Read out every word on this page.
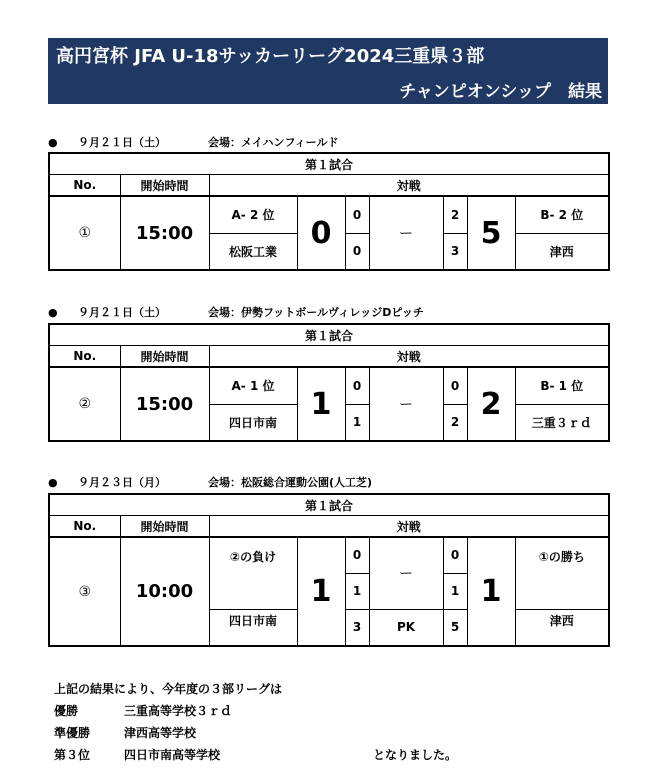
高円宮杯 JFA U-18サッカーリーグ2024三重県３部
チャンピオンシップ　結果
● ９月２１日（土）	会場：メイハンフィールド
第１試合								
No.	開始時間	対戦						
①	15:00	A- 2 位	0	0	ー	2	5	B- 2 位
		松阪工業		0		3		津西
● ９月２１日（土）	会場：伊勢フットボールヴィレッジDピッチ
第１試合								
No.	開始時間	対戦						
②	15:00	A- 1 位	1	0	ー	0	2	B- 1 位
		四日市南		1		2		三重３ｒｄ
● ９月２３日（月）	会場：松阪総合運動公園(人工芝)
第１試合								
No.	開始時間	対戦						
③	10:00	②の負け	1	0	ー	0	1	①の勝ち

				1		1		
		四日市南		3	PK	5		津西
上記の結果により、今年度の３部リーグは
優勝	三重高等学校３ｒｄ
準優勝	津西高等学校
第３位	四日市南高等学校	となりました。
